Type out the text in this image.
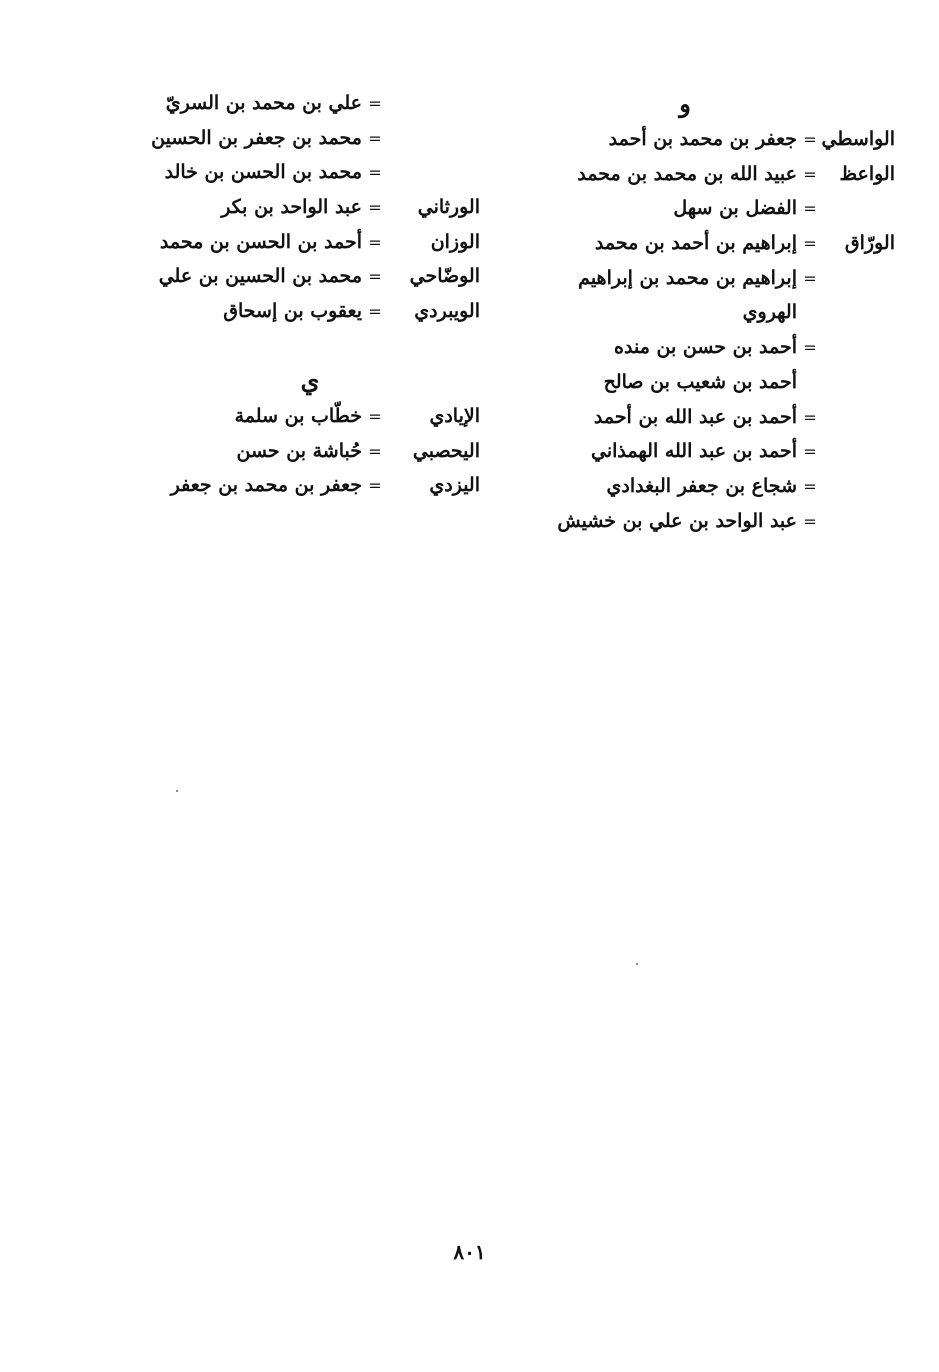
و
الواسطي
=
جعفر بن محمد بن أحمد
الواعظ
=
عبيد الله بن محمد بن محمد
=
الفضل بن سهل
الورّاق
=
إبراهيم بن أحمد بن محمد
=
إبراهيم بن محمد بن إبراهيم
الهروي
=
أحمد بن حسن بن منده
أحمد بن شعيب بن صالح
=
أحمد بن عبد الله بن أحمد
=
أحمد بن عبد الله الهمذاني
=
شجاع بن جعفر البغدادي
=
عبد الواحد بن علي بن خشيش
=
علي بن محمد بن السريّ
=
محمد بن جعفر بن الحسين
=
محمد بن الحسن بن خالد
الورثاني
=
عبد الواحد بن بكر
الوزان
=
أحمد بن الحسن بن محمد
الوضّاحي
=
محمد بن الحسين بن علي
الويبردي
=
يعقوب بن إسحاق
ي
الإيادي
=
خطّاب بن سلمة
اليحصبي
=
حُباشة بن حسن
اليزدي
=
جعفر بن محمد بن جعفر
٨٠١
